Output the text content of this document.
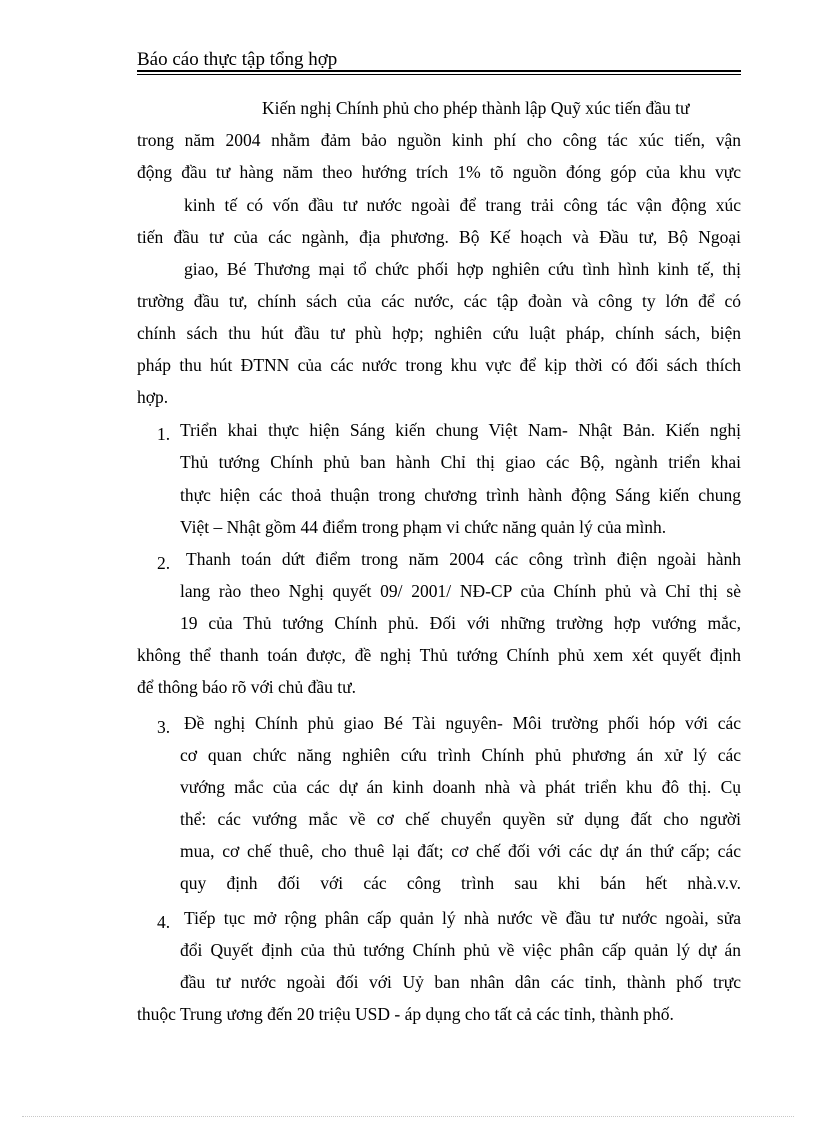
Báo cáo thực tập tổng hợp
Kiến nghị Chính phủ cho phép thành lập Quỹ xúc tiến đầu tư
trong năm 2004 nhằm đảm bảo nguồn kinh phí cho công tác xúc tiến, vận
động đầu tư hàng năm theo hướng trích 1% tõ nguồn đóng góp của khu vực
kinh tế có vốn đầu tư nước ngoài để trang trải công tác vận động xúc
tiến đầu tư của các ngành, địa phương. Bộ Kế hoạch và Đầu tư, Bộ Ngoại
giao, Bé Thương mại tổ chức phối hợp nghiên cứu tình hình kinh tế, thị
trường đầu tư, chính sách của các nước, các tập đoàn và công ty lớn để có
chính sách thu hút đầu tư phù hợp; nghiên cứu luật pháp, chính sách, biện
pháp thu hút ĐTNN của các nước trong khu vực để kịp thời có đối sách thích
hợp.
1. Triển khai thực hiện Sáng kiến chung Việt Nam- Nhật Bản. Kiến nghị
Thủ tướng Chính phủ ban hành Chỉ thị giao các Bộ, ngành triển khai
thực hiện các thoả thuận trong chương trình hành động Sáng kiến chung
Việt – Nhật gồm 44 điểm trong phạm vi chức năng quản lý của mình.
2. Thanh toán dứt điểm trong năm 2004 các công trình điện ngoài hành
lang rào theo Nghị quyết 09/ 2001/ NĐ-CP của Chính phủ và Chỉ thị sè
19 của Thủ tướng Chính phủ. Đối với những trường hợp vướng mắc,
không thể thanh toán được, đề nghị Thủ tướng Chính phủ xem xét quyết định
để thông báo rõ với chủ đầu tư.
3. Đề nghị Chính phủ giao Bé Tài nguyên- Môi trường phối hóp với các
cơ quan chức năng nghiên cứu trình Chính phủ phương án xử lý các
vướng mắc của các dự án kinh doanh nhà và phát triển khu đô thị. Cụ
thể: các vướng mắc về cơ chế chuyển quyền sử dụng đất cho người
mua, cơ chế thuê, cho thuê lại đất; cơ chế đối với các dự án thứ cấp; các
quy định đối với các công trình sau khi bán hết nhà.v.v.
4. Tiếp tục mở rộng phân cấp quản lý nhà nước về đầu tư nước ngoài, sửa
đổi Quyết định của thủ tướng Chính phủ về việc phân cấp quản lý dự án
đầu tư nước ngoài đối với Uỷ ban nhân dân các tỉnh, thành phố trực
thuộc Trung ương đến 20 triệu USD - áp dụng cho tất cả các tỉnh, thành phố.
